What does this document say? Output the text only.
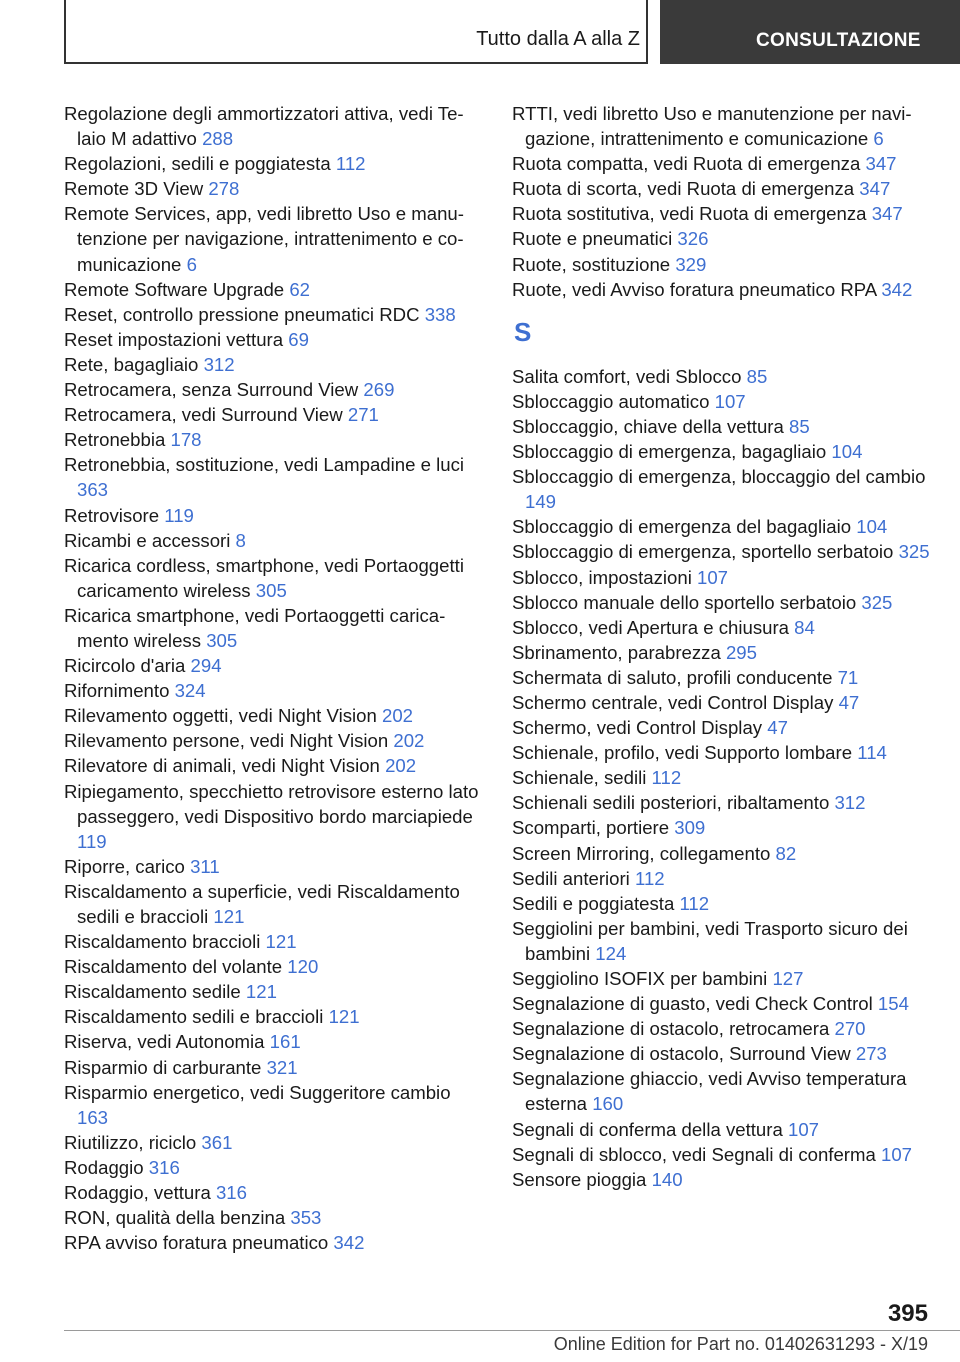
Tutto dalla A alla Z	CONSULTAZIONE

Regolazione degli ammortizzatori attiva, vedi Telaio M adattivo 288

Regolazioni, sedili e poggiatesta 112

Remote 3D View 278

Remote Services, app, vedi libretto Uso e manutenzione per navigazione, intrattenimento e comunicazione 6

Remote Software Upgrade 62

Reset, controllo pressione pneumatici RDC 338

Reset impostazioni vettura 69

Rete, bagagliaio 312

Retrocamera, senza Surround View 269

Retrocamera, vedi Surround View 271

Retronebbia 178

Retronebbia, sostituzione, vedi Lampadine e luci 363

Retrovisore 119

Ricambi e accessori 8

Ricarica cordless, smartphone, vedi Portaoggetti caricamento wireless 305

Ricarica smartphone, vedi Portaoggetti caricamento wireless 305

Ricircolo d'aria 294

Rifornimento 324

Rilevamento oggetti, vedi Night Vision 202

Rilevamento persone, vedi Night Vision 202

Rilevatore di animali, vedi Night Vision 202

Ripiegamento, specchietto retrovisore esterno lato passeggero, vedi Dispositivo bordo marciapiede 119

Riporre, carico 311

Riscaldamento a superficie, vedi Riscaldamento sedili e braccioli 121

Riscaldamento braccioli 121

Riscaldamento del volante 120

Riscaldamento sedile 121

Riscaldamento sedili e braccioli 121

Riserva, vedi Autonomia 161

Risparmio di carburante 321

Risparmio energetico, vedi Suggeritore cambio 163

Riutilizzo, riciclo 361

Rodaggio 316

Rodaggio, vettura 316

RON, qualità della benzina 353

RPA avviso foratura pneumatico 342

RTTI, vedi libretto Uso e manutenzione per navigazione, intrattenimento e comunicazione 6

Ruota compatta, vedi Ruota di emergenza 347

Ruota di scorta, vedi Ruota di emergenza 347

Ruota sostitutiva, vedi Ruota di emergenza 347

Ruote e pneumatici 326

Ruote, sostituzione 329

Ruote, vedi Avviso foratura pneumatico RPA 342

S

Salita comfort, vedi Sblocco 85

Sbloccaggio automatico 107

Sbloccaggio, chiave della vettura 85

Sbloccaggio di emergenza, bagagliaio 104

Sbloccaggio di emergenza, bloccaggio del cambio 149

Sbloccaggio di emergenza del bagagliaio 104

Sbloccaggio di emergenza, sportello serbatoio 325

Sblocco, impostazioni 107

Sblocco manuale dello sportello serbatoio 325

Sblocco, vedi Apertura e chiusura 84

Sbrinamento, parabrezza 295

Schermata di saluto, profili conducente 71

Schermo centrale, vedi Control Display 47

Schermo, vedi Control Display 47

Schienale, profilo, vedi Supporto lombare 114

Schienale, sedili 112

Schienali sedili posteriori, ribaltamento 312

Scomparti, portiere 309

Screen Mirroring, collegamento 82

Sedili anteriori 112

Sedili e poggiatesta 112

Seggiolini per bambini, vedi Trasporto sicuro dei bambini 124

Seggiolino ISOFIX per bambini 127

Segnalazione di guasto, vedi Check Control 154

Segnalazione di ostacolo, retrocamera 270

Segnalazione di ostacolo, Surround View 273

Segnalazione ghiaccio, vedi Avviso temperatura esterna 160

Segnali di conferma della vettura 107

Segnali di sblocco, vedi Segnali di conferma 107

Sensore pioggia 140

395
Online Edition for Part no. 01402631293 - X/19
